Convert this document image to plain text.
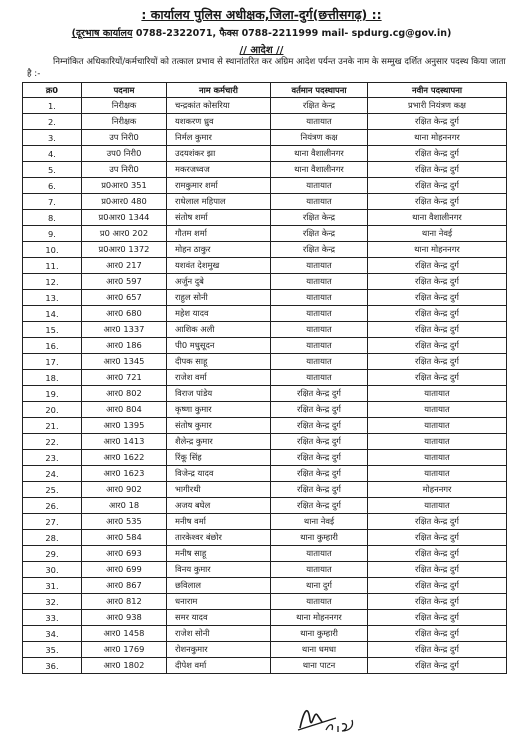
: कार्यालय पुलिस अधीक्षक,जिला-दुर्ग(छत्तीसगढ़) ::
(दूरभाष कार्यालय 0788-2322071, फैक्स 0788-2211999 mail- spdurg.cg@gov.in)
// आदेश //
निम्नांकित अधिकारियों/कर्मचारियों को तत्काल प्रभाव से स्थानांतरित कर अग्रिम आदेश पर्यन्त उनके नाम के सम्मुख दर्शित अनुसार पदस्थ किया जाता है :-
क्र0	पदनाम	नाम कर्मचारी	वर्तमान पदस्थापना	नवीन पदस्थापना
1.	निरीक्षक	चन्द्रकांत कोसरिया	रक्षित केन्द्र	प्रभारी नियंत्रण कक्ष
2.	निरीक्षक	यशकरण ध्रुव	यातायात	रक्षित केन्द्र दुर्ग
3.	उप निरी0	निर्मल कुमार	नियंत्रण कक्ष	थाना मोहननगर
4.	उप0 निरी0	उदयशंकर झा	थाना वैशालीनगर	रक्षित केन्द्र दुर्ग
5.	उप निरी0	मकरजध्वज	थाना वैशालीनगर	रक्षित केन्द्र दुर्ग
6.	प्र0आर0 351	रामकुमार शर्मा	यातायात	रक्षित केन्द्र दुर्ग
7.	प्र0आर0 480	राधेलाल महिपाल	यातायात	रक्षित केन्द्र दुर्ग
8.	प्र0आर0 1344	संतोष शर्मा	रक्षित केन्द्र	थाना वैशालीनगर
9.	प्र0 आर0 202	गौतम शर्मा	रक्षित केन्द्र	थाना नेवई
10.	प्र0आर0 1372	मोहन ठाकुर	रक्षित केन्द्र	थाना मोहननगर
11.	आर0 217	यशवंत देशमुख	यातायात	रक्षित केन्द्र दुर्ग
12.	आर0 597	अर्जुन दुबे	यातायात	रक्षित केन्द्र दुर्ग
13.	आर0 657	राहुल सोनी	यातायात	रक्षित केन्द्र दुर्ग
14.	आर0 680	महेश यादव	यातायात	रक्षित केन्द्र दुर्ग
15.	आर0 1337	आशिक अली	यातायात	रक्षित केन्द्र दुर्ग
16.	आर0 186	पी0 मधुसूदन	यातायात	रक्षित केन्द्र दुर्ग
17.	आर0 1345	दीपक साहू	यातायात	रक्षित केन्द्र दुर्ग
18.	आर0 721	राजेश वर्मा	यातायात	रक्षित केन्द्र दुर्ग
19.	आर0 802	विराज पांडेय	रक्षित केन्द्र दुर्ग	यातायात
20.	आर0 804	कृष्णा कुमार	रक्षित केन्द्र दुर्ग	यातायात
21.	आर0 1395	संतोष कुमार	रक्षित केन्द्र दुर्ग	यातायात
22.	आर0 1413	शैलेन्द्र कुमार	रक्षित केन्द्र दुर्ग	यातायात
23.	आर0 1622	रिंकू सिंह	रक्षित केन्द्र दुर्ग	यातायात
24.	आर0 1623	विजेन्द्र यादव	रक्षित केन्द्र दुर्ग	यातायात
25.	आर0 902	भागीरथी	रक्षित केन्द्र दुर्ग	मोहननगर
26.	आर0 18	अजय बघेल	रक्षित केन्द्र दुर्ग	यातायात
27.	आर0 535	मनीष वर्मा	थाना नेवई	रक्षित केन्द्र दुर्ग
28.	आर0 584	तारकेश्वर बंछोर	थाना कुम्हारी	रक्षित केन्द्र दुर्ग
29.	आर0 693	मनीष साहू	यातायात	रक्षित केन्द्र दुर्ग
30.	आर0 699	विनय कुमार	यातायात	रक्षित केन्द्र दुर्ग
31.	आर0 867	छविलाल	थाना दुर्ग	रक्षित केन्द्र दुर्ग
32.	आर0 812	धनाराम	यातायात	रक्षित केन्द्र दुर्ग
33.	आर0 938	समर यादव	थाना मोहननगर	रक्षित केन्द्र दुर्ग
34.	आर0 1458	राजेश सोनी	थाना कुम्हारी	रक्षित केन्द्र दुर्ग
35.	आर0 1769	रोशनकुमार	थाना धमधा	रक्षित केन्द्र दुर्ग
36.	आर0 1802	दीपेश वर्मा	थाना पाटन	रक्षित केन्द्र दुर्ग
